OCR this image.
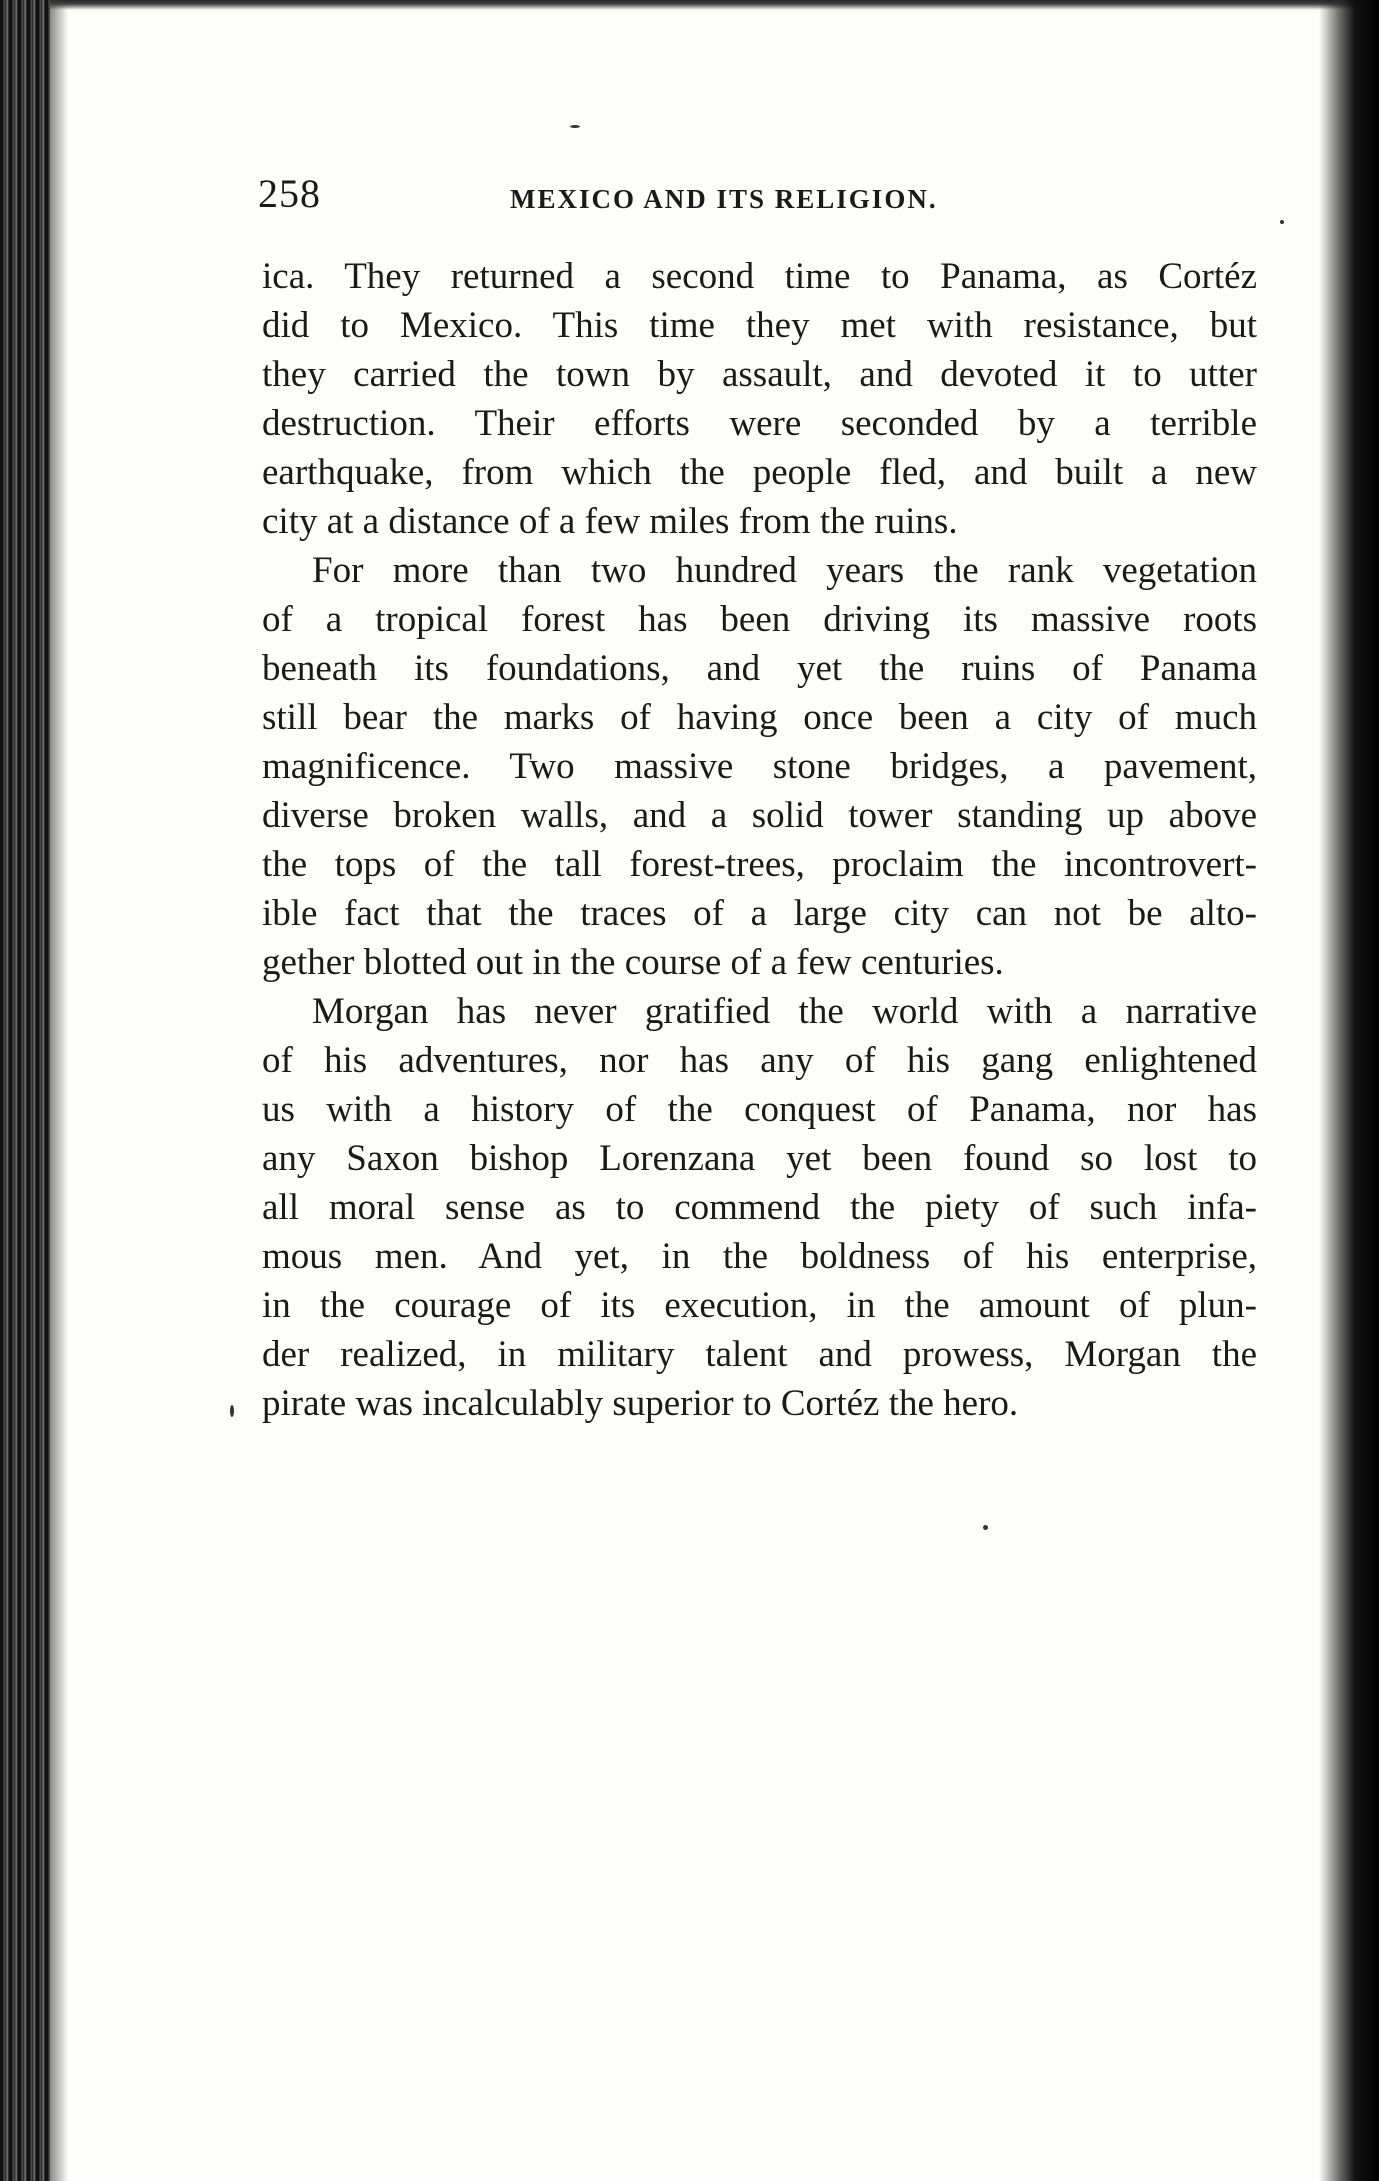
258	MEXICO AND ITS RELIGION.
ica. They returned a second time to Panama, as Cortéz
did to Mexico. This time they met with resistance, but
they carried the town by assault, and devoted it to utter
destruction. Their efforts were seconded by a terrible
earthquake, from which the people fled, and built a new
city at a distance of a few miles from the ruins.
For more than two hundred years the rank vegetation
of a tropical forest has been driving its massive roots
beneath its foundations, and yet the ruins of Panama
still bear the marks of having once been a city of much
magnificence. Two massive stone bridges, a pavement,
diverse broken walls, and a solid tower standing up above
the tops of the tall forest-trees, proclaim the incontrovert-
ible fact that the traces of a large city can not be alto-
gether blotted out in the course of a few centuries.
Morgan has never gratified the world with a narrative
of his adventures, nor has any of his gang enlightened
us with a history of the conquest of Panama, nor has
any Saxon bishop Lorenzana yet been found so lost to
all moral sense as to commend the piety of such infa-
mous men. And yet, in the boldness of his enterprise,
in the courage of its execution, in the amount of plun-
der realized, in military talent and prowess, Morgan the
pirate was incalculably superior to Cortéz the hero.
